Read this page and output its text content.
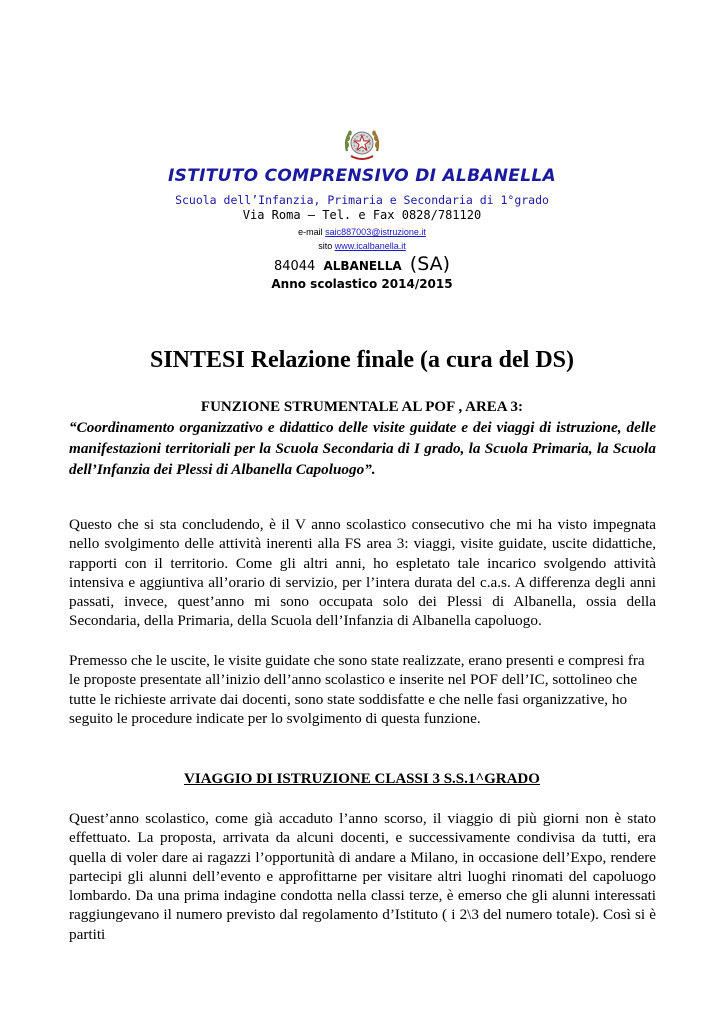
ISTITUTO COMPRENSIVO DI ALBANELLA
Scuola dell’Infanzia, Primaria e Secondaria di 1°grado
Via Roma – Tel. e Fax 0828/781120
e-mail saic887003@istruzione.it
sito www.icalbanella.it
84044 ALBANELLA (SA)
Anno scolastico 2014/2015
SINTESI Relazione finale (a cura del DS)
FUNZIONE STRUMENTALE AL POF , AREA 3:
“Coordinamento organizzativo e didattico delle visite guidate e dei viaggi di istruzione, delle manifestazioni territoriali per la Scuola Secondaria di I grado, la Scuola Primaria, la Scuola dell’Infanzia dei Plessi di Albanella Capoluogo”.
Questo che si sta concludendo, è il V anno scolastico consecutivo che mi ha visto impegnata nello svolgimento delle attività inerenti alla FS area 3: viaggi, visite guidate, uscite didattiche, rapporti con il territorio. Come gli altri anni, ho espletato tale incarico svolgendo attività intensiva e aggiuntiva all’orario di servizio, per l’intera durata del c.a.s. A differenza degli anni passati, invece, quest’anno mi sono occupata solo dei Plessi di Albanella, ossia della Secondaria, della Primaria, della Scuola dell’Infanzia di Albanella capoluogo.
Premesso che le uscite, le visite guidate che sono state realizzate, erano presenti e compresi fra le proposte presentate all’inizio dell’anno scolastico e inserite nel POF dell’IC, sottolineo che tutte le richieste arrivate dai docenti, sono state soddisfatte e che nelle fasi organizzative, ho seguito le procedure indicate per lo svolgimento di questa funzione.
VIAGGIO DI ISTRUZIONE CLASSI 3 S.S.1^GRADO
Quest’anno scolastico, come già accaduto l’anno scorso, il viaggio di più giorni non è stato effettuato. La proposta, arrivata da alcuni docenti, e successivamente condivisa da tutti, era quella di voler dare ai ragazzi l’opportunità di andare a Milano, in occasione dell’Expo, rendere partecipi gli alunni dell’evento e approfittarne per visitare altri luoghi rinomati del capoluogo lombardo. Da una prima indagine condotta nella classi terze, è emerso che gli alunni interessati raggiungevano il numero previsto dal regolamento d’Istituto ( i 2\3 del numero totale). Così si è partiti
